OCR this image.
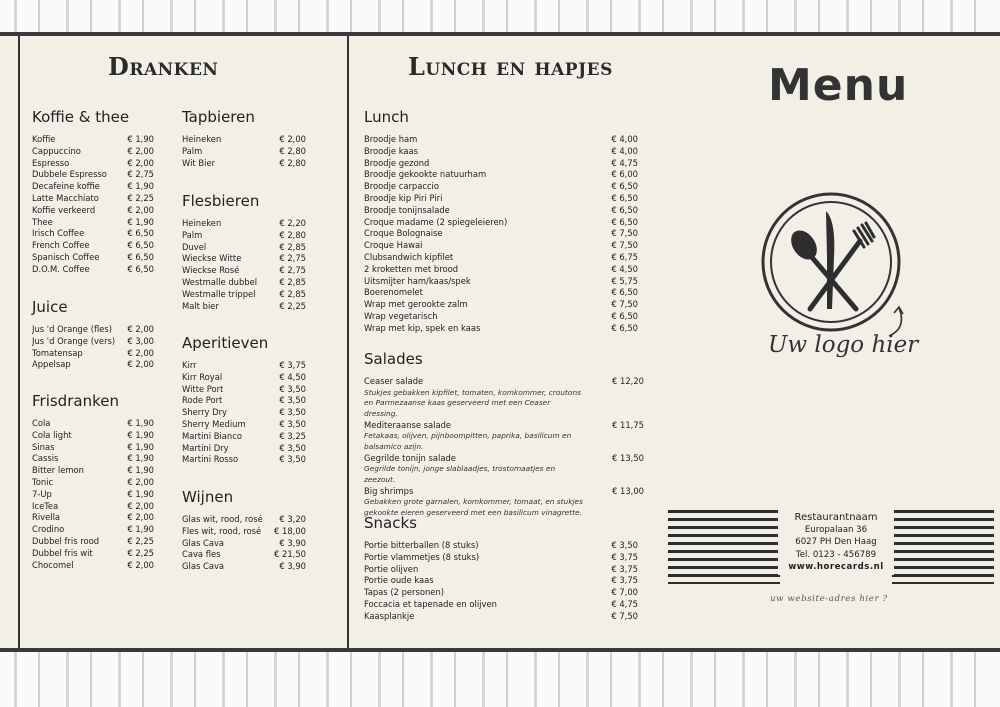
Dranken
Koffie & thee
Koffie	€ 1,90
Cappuccino	€ 2,00
Espresso	€ 2,00
Dubbele Espresso € 2,75
Decafeine koffie	€ 1,90
Latte Macchiato	€ 2,25
Koffie verkeerd	€ 2,00
Thee	€ 1,90
Irisch Coffee	€ 6,50
French Coffee	€ 6,50
Spanisch Coffee	€ 6,50
D.O.M. Coffee	€ 6,50
Juice
Jus 'd Orange (fles) € 2,00
Jus 'd Orange (vers) € 3,00
Tomatensap	€ 2,00
Appelsap	€ 2,00
Frisdranken
Cola	€ 1,90
Cola light	€ 1,90
Sinas	€ 1,90
Cassis	€ 1,90
Bitter lemon	€ 1,90
Tonic	€ 2,00
7-Up	€ 1,90
IceTea	€ 2,00
Rivella	€ 2,00
Crodino	€ 1,90
Dubbel fris rood	€ 2,25
Dubbel fris wit	€ 2,25
Chocomel	€ 2,00
Tapbieren
Heineken	€ 2,00
Palm	€ 2,80
Wit Bier	€ 2,80
Flesbieren
Heineken	€ 2,20
Palm	€ 2,80
Duvel	€ 2,85
Wieckse Witte	€ 2,75
Wieckse Rosé	€ 2,75
Westmalle dubbel	€ 2,85
Westmalle trippel	€ 2,85
Malt bier	€ 2,25
Aperitieven
Kirr	€ 3,75
Kirr Royal	€ 4,50
Witte Port	€ 3,50
Rode Port	€ 3,50
Sherry Dry	€ 3,50
Sherry Medium	€ 3,50
Martini Bianco	€ 3,25
Martini Dry	€ 3,50
Martini Rosso	€ 3,50
Wijnen
Glas wit, rood, rosé € 3,20
Fles wit, rood, rosé € 18,00
Glas Cava	€ 3,90
Cava fles	€ 21,50
Glas Cava	€ 3,90
Lunch en hapjes
Lunch
Broodje ham	€ 4,00
Broodje kaas	€ 4,00
Broodje gezond	€ 4,75
Broodje gekookte natuurham	€ 6,00
Broodje carpaccio	€ 6,50
Broodje kip Piri Piri	€ 6,50
Broodje tonijnsalade	€ 6,50
Croque madame (2 spiegeleieren)	€ 6,50
Croque Bolognaise	€ 7,50
Croque Hawai	€ 7,50
Clubsandwich kipfilet	€ 6,75
2 kroketten met brood	€ 4,50
Uitsmijter ham/kaas/spek	€ 5,75
Boerenomelet	€ 6,50
Wrap met gerookte zalm	€ 7,50
Wrap vegetarisch	€ 6,50
Wrap met kip, spek en kaas	€ 6,50
Salades
Ceaser salade	€ 12,20
Stukjes gebakken kipfilet, tomaten, komkommer, croutons en Parmezaanse kaas geserveerd met een Ceaser dressing.
Mediteraanse salade	€ 11,75
Fetakaas, olijven, pijnboompitten, paprika, basilicum en balsamico azijn.
Gegrilde tonijn salade	€ 13,50
Gegrilde tonijn, jonge slablaadjes, trostomaatjes en zeezout.
Big shrimps	€ 13,00
Gebakken grote garnalen, komkommer, tomaat, en stukjes gekookte eieren geserveerd met een basilicum vinagrette.
Snacks
Portie bitterballen (8 stuks)	€ 3,50
Portie vlammetjes (8 stuks)	€ 3,75
Portie olijven	€ 3,75
Portie oude kaas	€ 3,75
Tapas (2 personen)	€ 7,00
Foccacia et tapenade en olijven	€ 4,75
Kaasplankje	€ 7,50
Menu
Uw logo hier
Restaurantnaam
Europalaan 36
6027 PH Den Haag
Tel. 0123 - 456789
www.horecards.nl
uw website-adres hier ?
